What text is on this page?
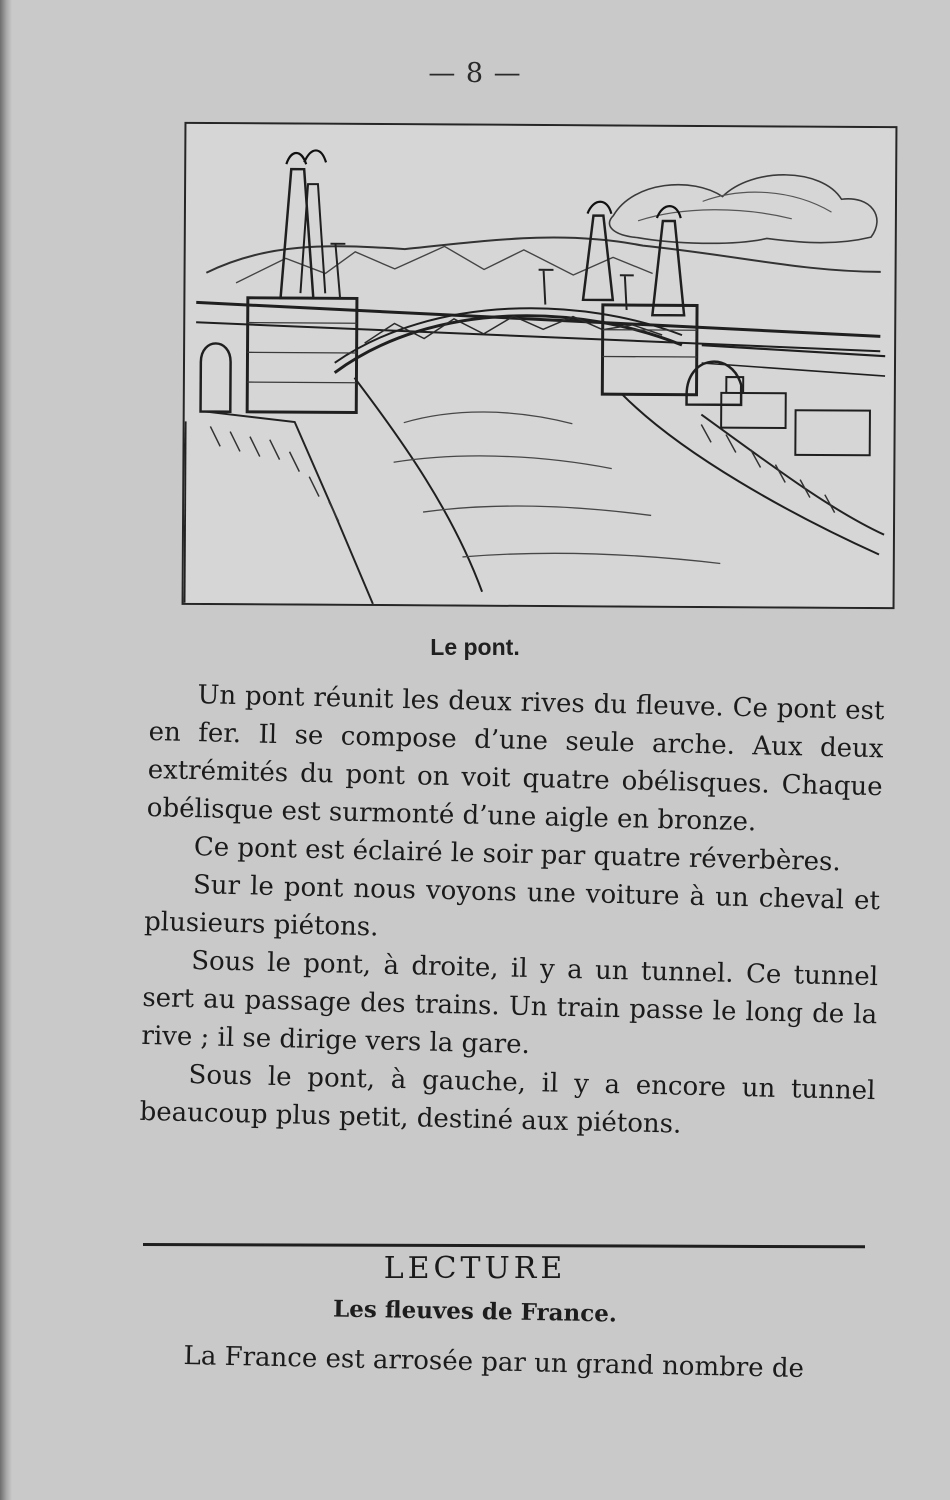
— 8 —
Le pont.

Un pont réunit les deux rives du fleuve. Ce pont est en fer. Il se compose d’une seule arche. Aux deux extrémités du pont on voit quatre obélisques. Chaque obélisque est surmonté d’une aigle en bronze.

Ce pont est éclairé le soir par quatre réverbères.

Sur le pont nous voyons une voiture à un cheval et plusieurs piétons.

Sous le pont, à droite, il y a un tunnel. Ce tunnel sert au passage des trains. Un train passe le long de la rive ; il se dirige vers la gare.

Sous le pont, à gauche, il y a encore un tunnel beaucoup plus petit, destiné aux piétons.

LECTURE
Les fleuves de France.

La France est arrosée par un grand nombre de
